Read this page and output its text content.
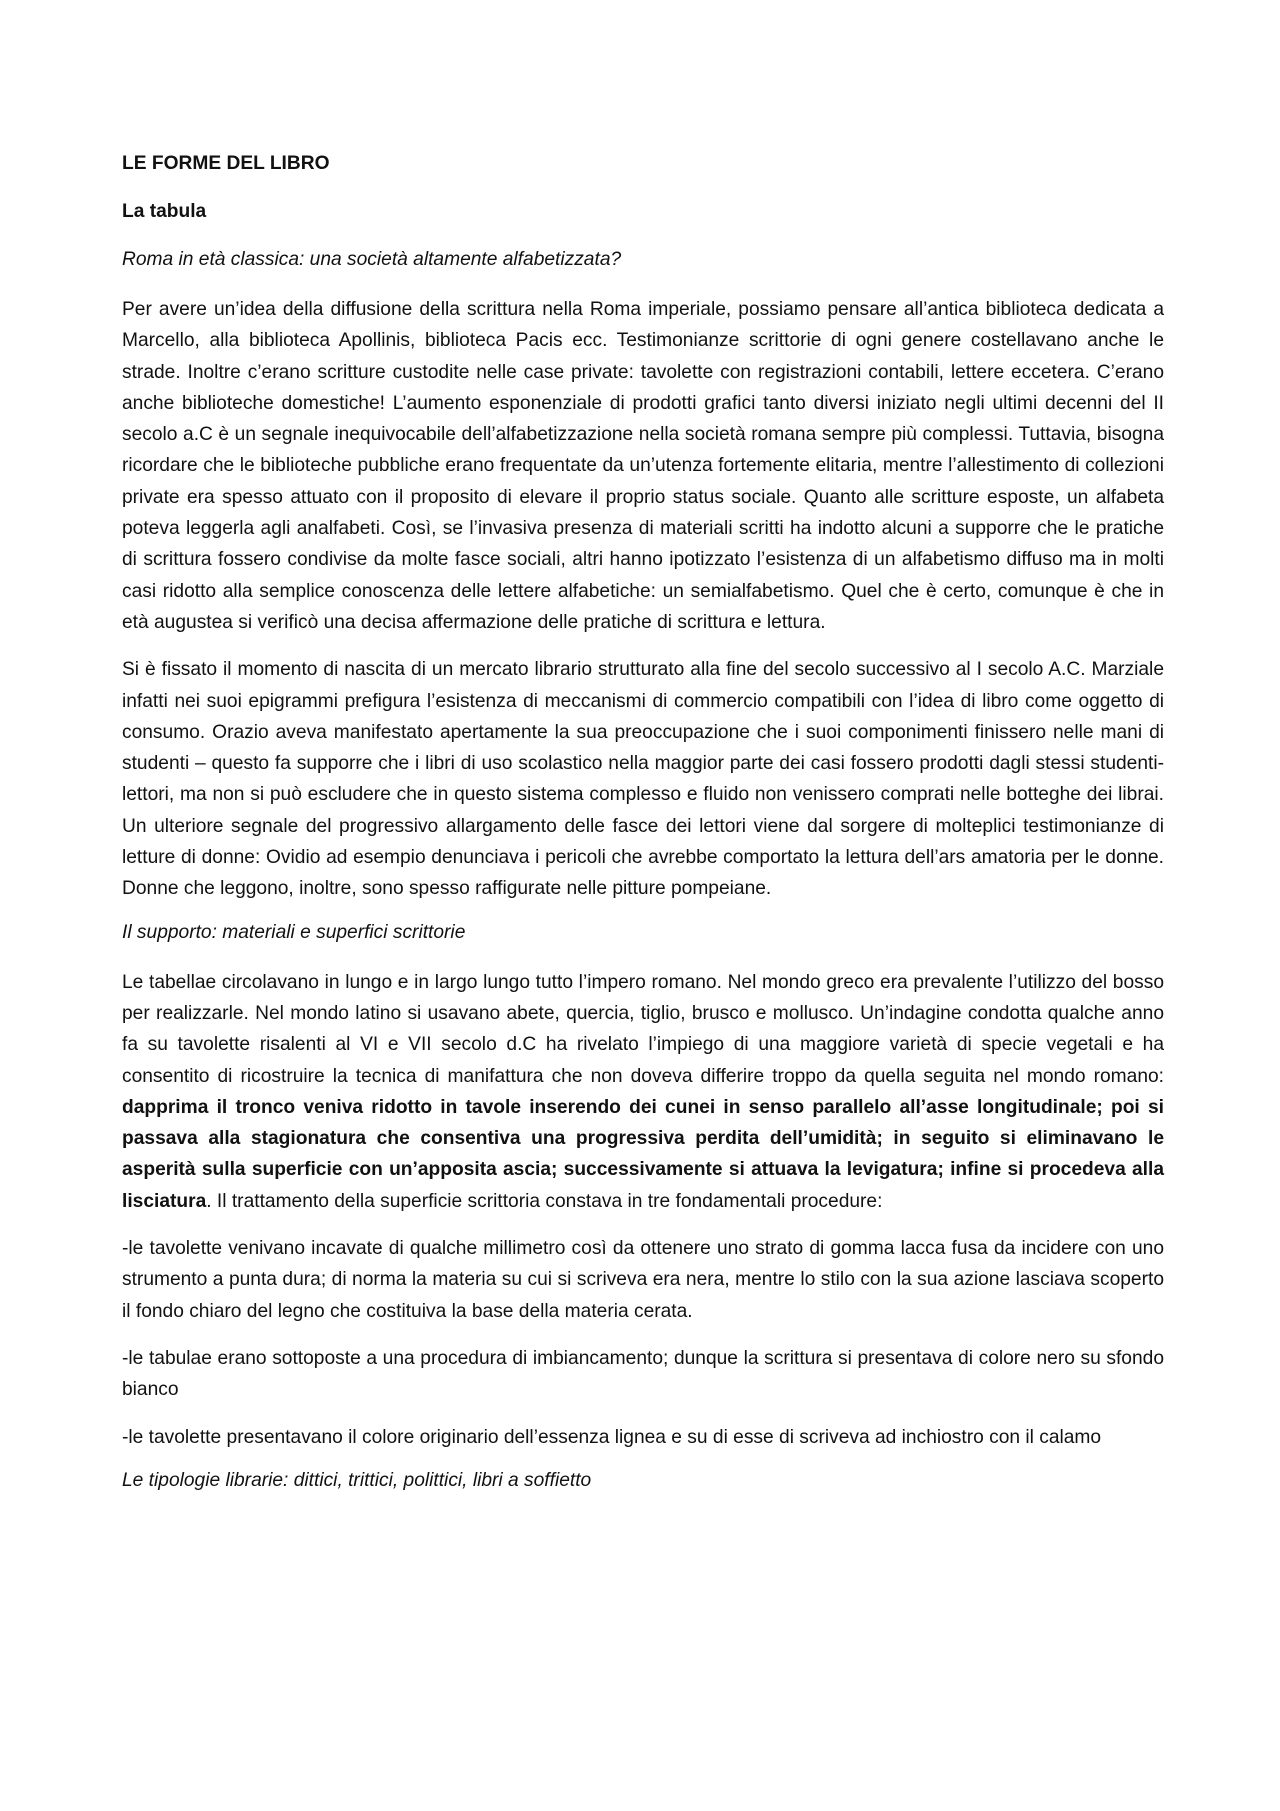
LE FORME DEL LIBRO
La tabula
Roma in età classica: una società altamente alfabetizzata?

Per avere un’idea della diffusione della scrittura nella Roma imperiale, possiamo pensare all’antica biblioteca dedicata a Marcello, alla biblioteca Apollinis, biblioteca Pacis ecc. Testimonianze scrittorie di ogni genere costellavano anche le strade. Inoltre c’erano scritture custodite nelle case private: tavolette con registrazioni contabili, lettere eccetera. C’erano anche biblioteche domestiche! L’aumento esponenziale di prodotti grafici tanto diversi iniziato negli ultimi decenni del II secolo a.C è un segnale inequivocabile dell’alfabetizzazione nella società romana sempre più complessi. Tuttavia, bisogna ricordare che le biblioteche pubbliche erano frequentate da un’utenza fortemente elitaria, mentre l’allestimento di collezioni private era spesso attuato con il proposito di elevare il proprio status sociale. Quanto alle scritture esposte, un alfabeta poteva leggerla agli analfabeti. Così, se l’invasiva presenza di materiali scritti ha indotto alcuni a supporre che le pratiche di scrittura fossero condivise da molte fasce sociali, altri hanno ipotizzato l’esistenza di un alfabetismo diffuso ma in molti casi ridotto alla semplice conoscenza delle lettere alfabetiche: un semialfabetismo. Quel che è certo, comunque è che in età augustea si verificò una decisa affermazione delle pratiche di scrittura e lettura.

Si è fissato il momento di nascita di un mercato librario strutturato alla fine del secolo successivo al I secolo A.C. Marziale infatti nei suoi epigrammi prefigura l’esistenza di meccanismi di commercio compatibili con l’idea di libro come oggetto di consumo. Orazio aveva manifestato apertamente la sua preoccupazione che i suoi componimenti finissero nelle mani di studenti – questo fa supporre che i libri di uso scolastico nella maggior parte dei casi fossero prodotti dagli stessi studenti-lettori, ma non si può escludere che in questo sistema complesso e fluido non venissero comprati nelle botteghe dei librai. Un ulteriore segnale del progressivo allargamento delle fasce dei lettori viene dal sorgere di molteplici testimonianze di letture di donne: Ovidio ad esempio denunciava i pericoli che avrebbe comportato la lettura dell’ars amatoria per le donne. Donne che leggono, inoltre, sono spesso raffigurate nelle pitture pompeiane.

Il supporto: materiali e superfici scrittorie

Le tabellae circolavano in lungo e in largo lungo tutto l’impero romano. Nel mondo greco era prevalente l’utilizzo del bosso per realizzarle. Nel mondo latino si usavano abete, quercia, tiglio, brusco e mollusco. Un’indagine condotta qualche anno fa su tavolette risalenti al VI e VII secolo d.C ha rivelato l’impiego di una maggiore varietà di specie vegetali e ha consentito di ricostruire la tecnica di manifattura che non doveva differire troppo da quella seguita nel mondo romano: dapprima il tronco veniva ridotto in tavole inserendo dei cunei in senso parallelo all’asse longitudinale; poi si passava alla stagionatura che consentiva una progressiva perdita dell’umidità; in seguito si eliminavano le asperità sulla superficie con un’apposita ascia; successivamente si attuava la levigatura; infine si procedeva alla lisciatura. Il trattamento della superficie scrittoria constava in tre fondamentali procedure:

-le tavolette venivano incavate di qualche millimetro così da ottenere uno strato di gomma lacca fusa da incidere con uno strumento a punta dura; di norma la materia su cui si scriveva era nera, mentre lo stilo con la sua azione lasciava scoperto il fondo chiaro del legno che costituiva la base della materia cerata.

-le tabulae erano sottoposte a una procedura di imbiancamento; dunque la scrittura si presentava di colore nero su sfondo bianco

-le tavolette presentavano il colore originario dell’essenza lignea e su di esse di scriveva ad inchiostro con il calamo

Le tipologie librarie: dittici, trittici, polittici, libri a soffietto
